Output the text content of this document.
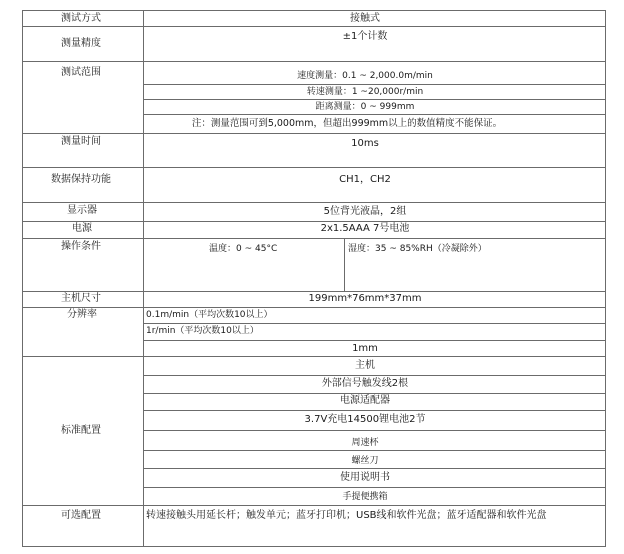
测试方式
测量精度
测试范围
测量时间
数据保持功能
显示器
电源
操作条件
主机尺寸
分辨率
标准配置
可选配置
接触式
±1个计数
速度测量：0.1 ~ 2,000.0m/min
转速测量：1 ~20,000r/min
距离测量：0 ~ 999mm
注：测量范围可到5,000mm，但超出999mm以上的数值精度不能保证。
10ms
CH1，CH2
5位背光液晶，2组
2x1.5AAA 7号电池
温度：0 ~ 45°C	湿度：35 ~ 85%RH（冷凝除外）
199mm*76mm*37mm
0.1m/min（平均次数10以上）
1r/min（平均次数10以上）
1mm
主机
外部信号触发线2根
电源适配器
3.7V充电14500锂电池2节
周速杯
螺丝刀
使用说明书
手提便携箱
转速接触头用延长杆；触发单元；蓝牙打印机；USB线和软件光盘；蓝牙适配器和软件光盘
